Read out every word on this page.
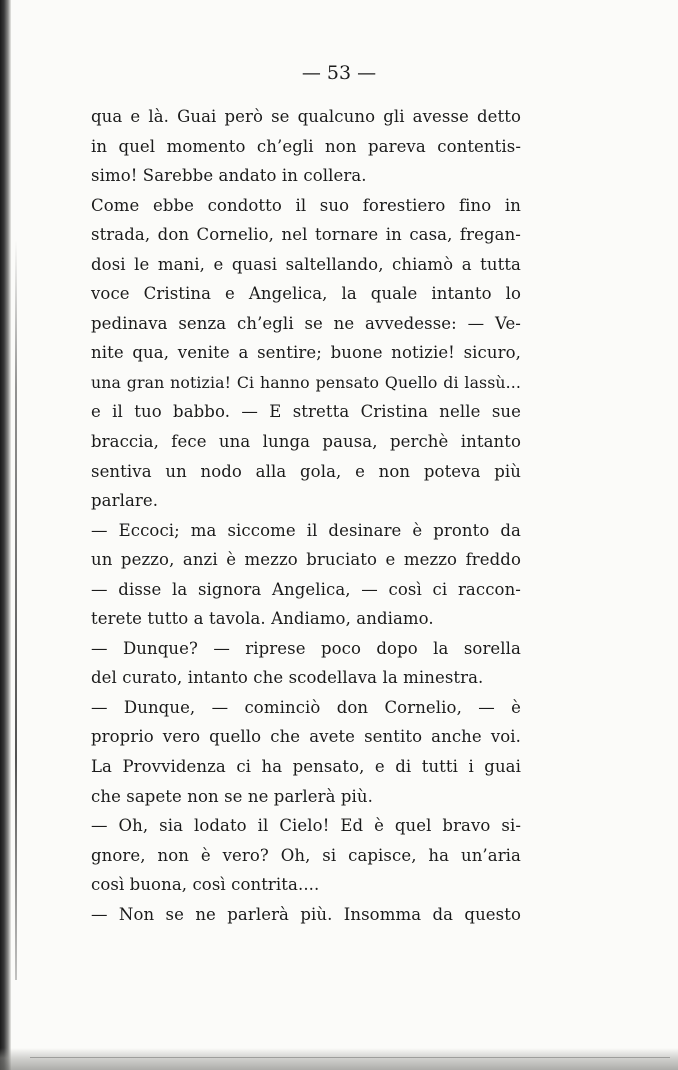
— 53 —
qua e là. Guai però se qualcuno gli avesse detto
in quel momento ch’egli non pareva contentis-
simo! Sarebbe andato in collera.
Come ebbe condotto il suo forestiero fino in
strada, don Cornelio, nel tornare in casa, fregan-
dosi le mani, e quasi saltellando, chiamò a tutta
voce Cristina e Angelica, la quale intanto lo
pedinava senza ch’egli se ne avvedesse: — Ve-
nite qua, venite a sentire; buone notizie! sicuro,
una gran notizia! Ci hanno pensato Quello di lassù...
e il tuo babbo. — E stretta Cristina nelle sue
braccia, fece una lunga pausa, perchè intanto
sentiva un nodo alla gola, e non poteva più
parlare.
— Eccoci; ma siccome il desinare è pronto da
un pezzo, anzi è mezzo bruciato e mezzo freddo
— disse la signora Angelica, — così ci raccon-
terete tutto a tavola. Andiamo, andiamo.
— Dunque? — riprese poco dopo la sorella
del curato, intanto che scodellava la minestra.
— Dunque, — cominciò don Cornelio, — è
proprio vero quello che avete sentito anche voi.
La Provvidenza ci ha pensato, e di tutti i guai
che sapete non se ne parlerà più.
— Oh, sia lodato il Cielo! Ed è quel bravo si-
gnore, non è vero? Oh, si capisce, ha un’aria
così buona, così contrita....
— Non se ne parlerà più. Insomma da questo
